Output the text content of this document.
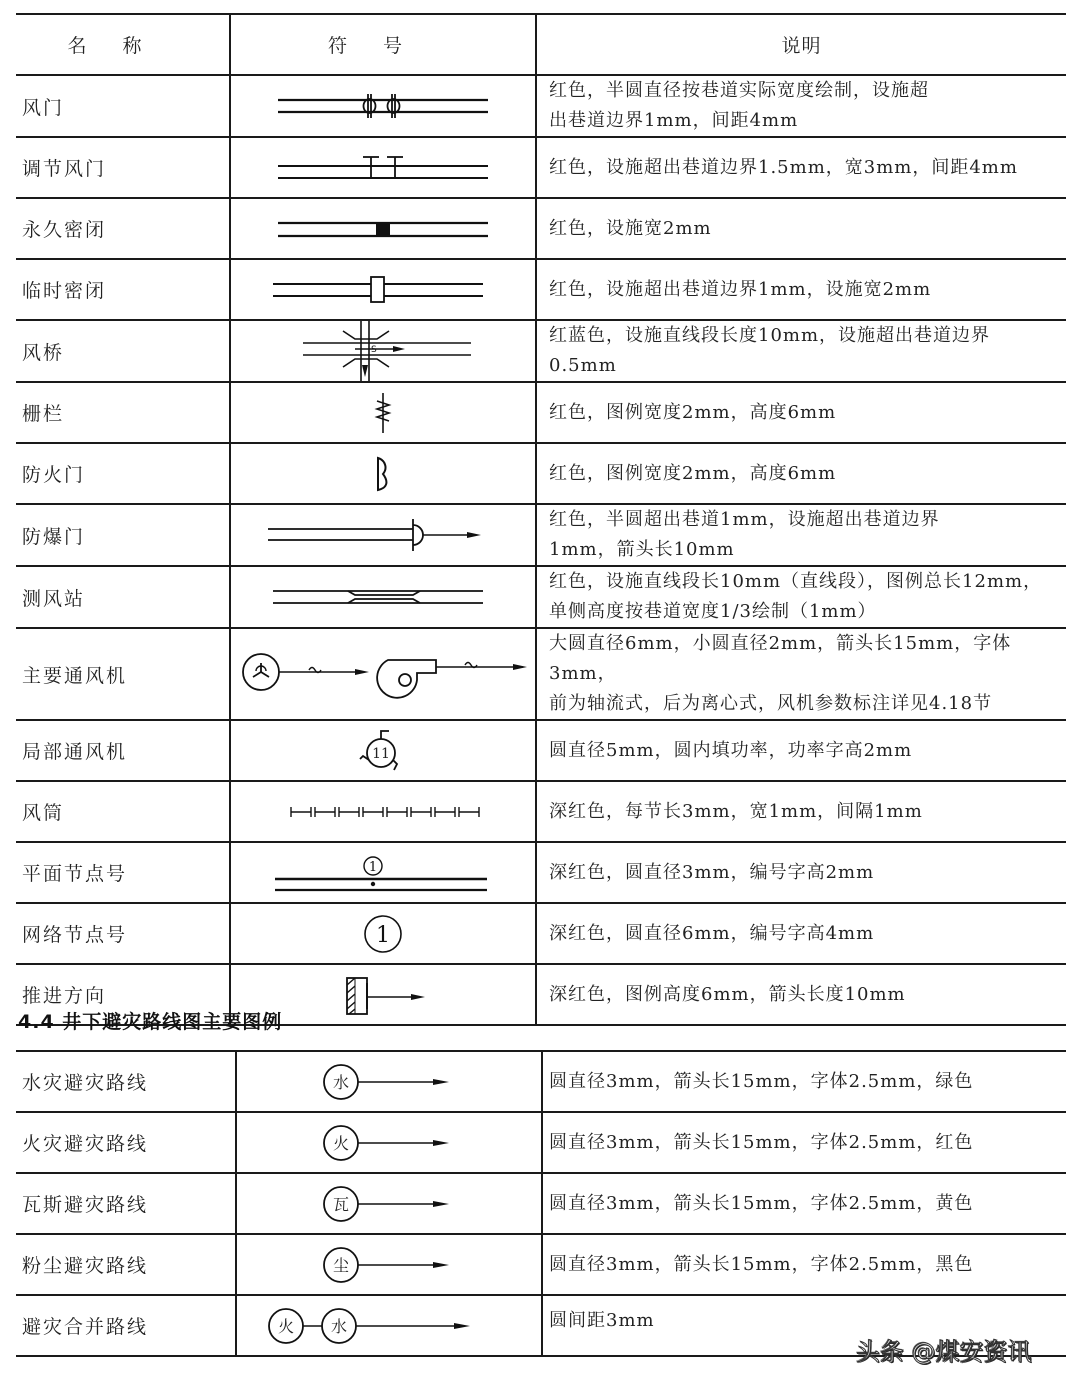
名称	符号	说明
风门		红色，半圆直径按巷道实际宽度绘制，设施超
出巷道边界1mm，间距4mm

调节风门		红色，设施超出巷道边界1.5mm，宽3mm，间距4mm

永久密闭		红色，设施宽2mm

临时密闭		红色，设施超出巷道边界1mm，设施宽2mm

风桥	S	红蓝色，设施直线段长度10mm，设施超出巷道边界
0.5mm

栅栏		红色，图例宽度2mm，高度6mm

防火门		红色，图例宽度2mm，高度6mm

防爆门		红色，半圆超出巷道1mm，设施超出巷道边界
1mm，箭头长10mm

测风站		红色，设施直线段长10mm（直线段），图例总长12mm，
单侧高度按巷道宽度1/3绘制（1mm）

主要通风机		大圆直径6mm，小圆直径2mm，箭头长15mm，字体3mm，
前为轴流式，后为离心式，风机参数标注详见4.18节

局部通风机	11	圆直径5mm，圆内填功率，功率字高2mm

风筒		深红色，每节长3mm，宽1mm，间隔1mm

平面节点号	1	深红色，圆直径3mm，编号字高2mm

网络节点号	1	深红色，圆直径6mm，编号字高4mm

推进方向		深红色，图例高度6mm，箭头长度10mm
4.4 井下避灾路线图主要图例
水灾避灾路线	水	圆直径3mm，箭头长15mm，字体2.5mm，绿色
火灾避灾路线	火	圆直径3mm，箭头长15mm，字体2.5mm，红色
瓦斯避灾路线	瓦	圆直径3mm，箭头长15mm，字体2.5mm，黄色
粉尘避灾路线	尘	圆直径3mm，箭头长15mm，字体2.5mm，黑色
避灾合并路线	火 水	圆间距3mm
头条 @煤安资讯
